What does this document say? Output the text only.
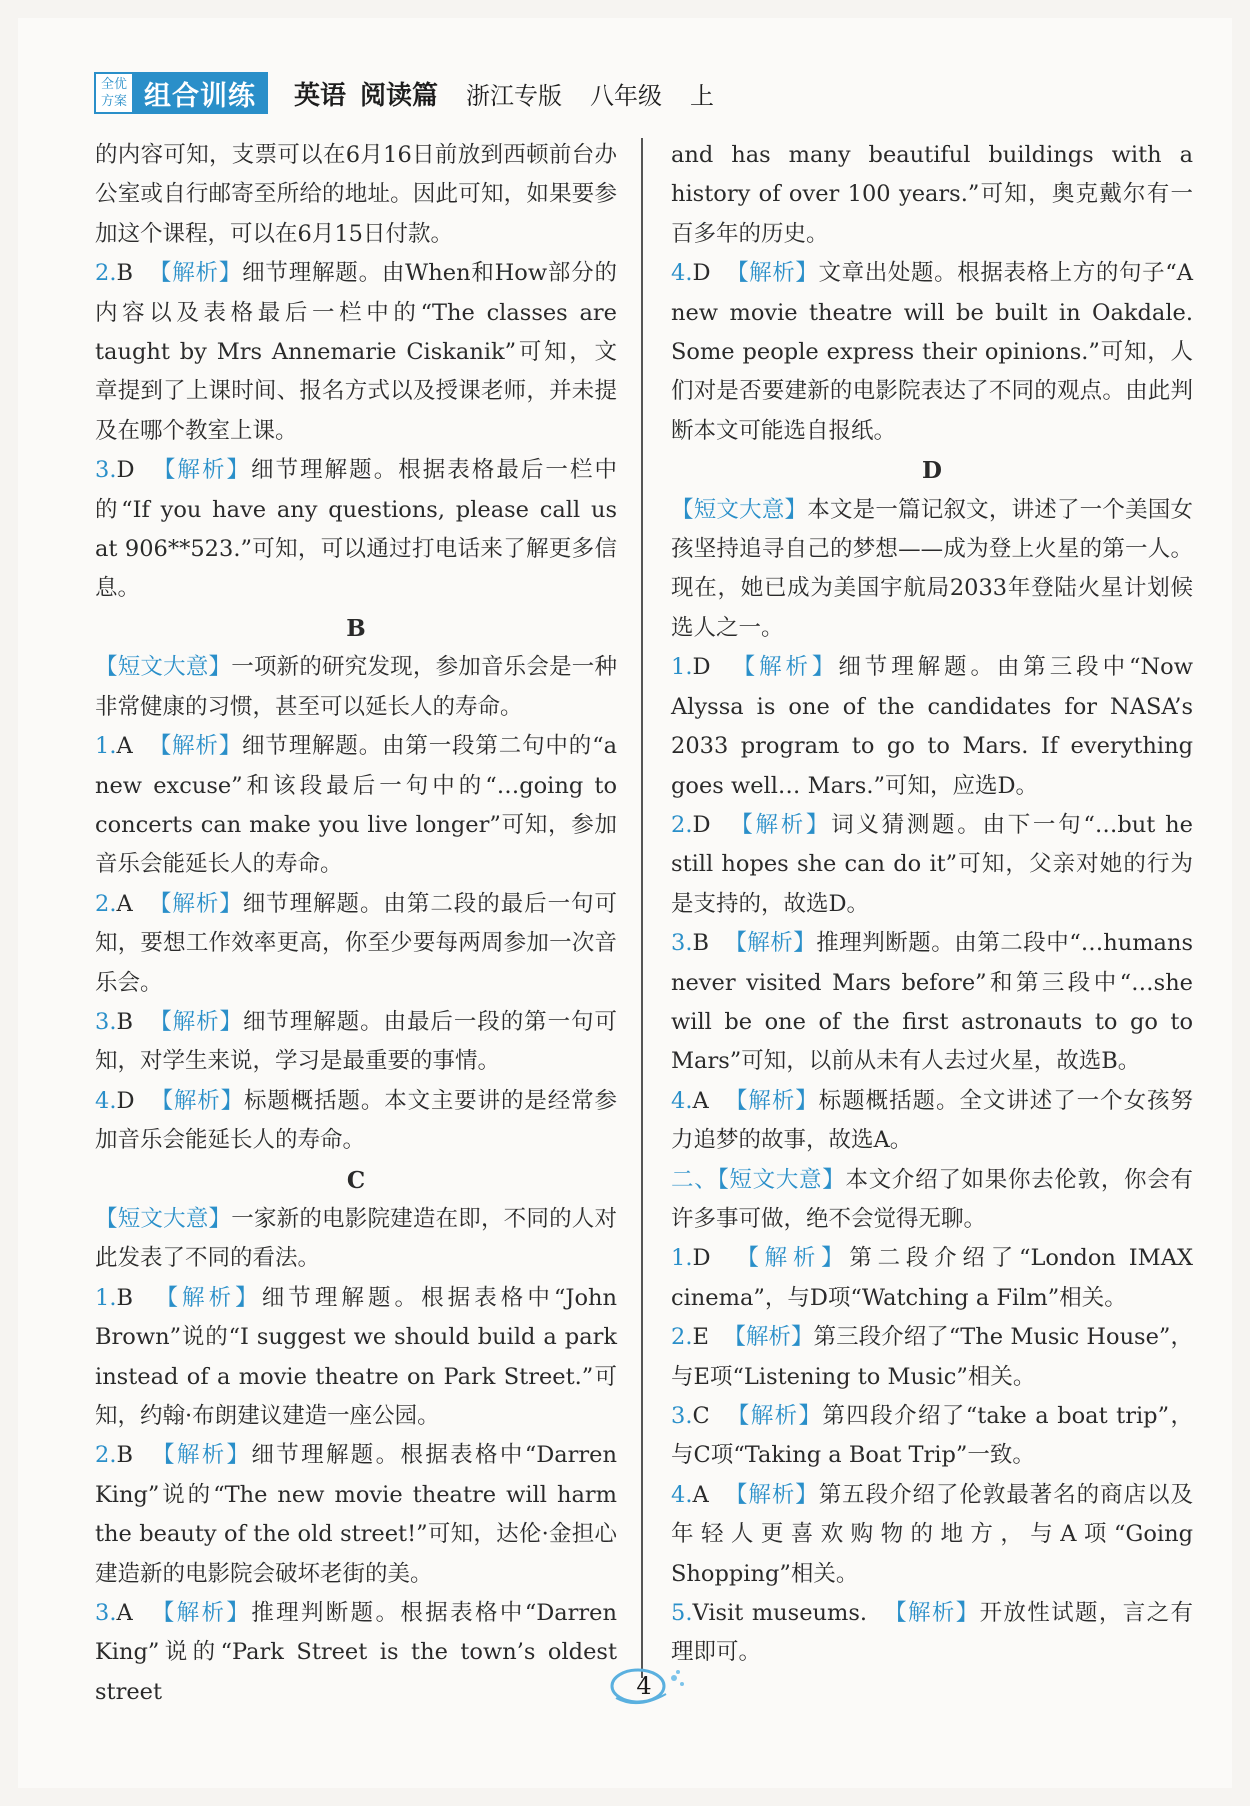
全优
方案 组合训练	英语 阅读篇 浙江专版 八年级 上

的内容可知，支票可以在6月16日前放到西顿前台办公室或自行邮寄至所给的地址。因此可知，如果要参加这个课程，可以在6月15日付款。

2.B 【解析】细节理解题。由When和How部分的内容以及表格最后一栏中的“The classes are taught by Mrs Annemarie Ciskanik”可知，文章提到了上课时间、报名方式以及授课老师，并未提及在哪个教室上课。

3.D 【解析】细节理解题。根据表格最后一栏中的“If you have any questions, please call us at 906**523.”可知，可以通过打电话来了解更多信息。

B

【短文大意】一项新的研究发现，参加音乐会是一种非常健康的习惯，甚至可以延长人的寿命。

1.A 【解析】细节理解题。由第一段第二句中的“a new excuse”和该段最后一句中的“…going to concerts can make you live longer”可知，参加音乐会能延长人的寿命。

2.A 【解析】细节理解题。由第二段的最后一句可知，要想工作效率更高，你至少要每两周参加一次音乐会。

3.B 【解析】细节理解题。由最后一段的第一句可知，对学生来说，学习是最重要的事情。

4.D 【解析】标题概括题。本文主要讲的是经常参加音乐会能延长人的寿命。

C

【短文大意】一家新的电影院建造在即，不同的人对此发表了不同的看法。

1.B 【解析】细节理解题。根据表格中“John Brown”说的“I suggest we should build a park instead of a movie theatre on Park Street.”可知，约翰·布朗建议建造一座公园。

2.B 【解析】细节理解题。根据表格中“Darren King”说的“The new movie theatre will harm the beauty of the old street!”可知，达伦·金担心建造新的电影院会破坏老街的美。

3.A 【解析】推理判断题。根据表格中“Darren King”说的“Park Street is the town’s oldest street

and has many beautiful buildings with a history of over 100 years.”可知，奥克戴尔有一百多年的历史。

4.D 【解析】文章出处题。根据表格上方的句子“A new movie theatre will be built in Oakdale. Some people express their opinions.”可知，人们对是否要建新的电影院表达了不同的观点。由此判断本文可能选自报纸。

D

【短文大意】本文是一篇记叙文，讲述了一个美国女孩坚持追寻自己的梦想——成为登上火星的第一人。现在，她已成为美国宇航局2033年登陆火星计划候选人之一。

1.D 【解析】细节理解题。由第三段中“Now Alyssa is one of the candidates for NASA’s 2033 program to go to Mars. If everything goes well… Mars.”可知，应选D。

2.D 【解析】词义猜测题。由下一句“…but he still hopes she can do it”可知，父亲对她的行为是支持的，故选D。

3.B 【解析】推理判断题。由第二段中“…humans never visited Mars before”和第三段中“…she will be one of the first astronauts to go to Mars”可知，以前从未有人去过火星，故选B。

4.A 【解析】标题概括题。全文讲述了一个女孩努力追梦的故事，故选A。

二、【短文大意】本文介绍了如果你去伦敦，你会有许多事可做，绝不会觉得无聊。

1.D 【解析】第二段介绍了“London IMAX cinema”，与D项“Watching a Film”相关。

2.E 【解析】第三段介绍了“The Music House”，与E项“Listening to Music”相关。

3.C 【解析】第四段介绍了“take a boat trip”，与C项“Taking a Boat Trip”一致。

4.A 【解析】第五段介绍了伦敦最著名的商店以及年轻人更喜欢购物的地方，与A项“Going Shopping”相关。

5.Visit museums. 【解析】开放性试题，言之有理即可。

4
